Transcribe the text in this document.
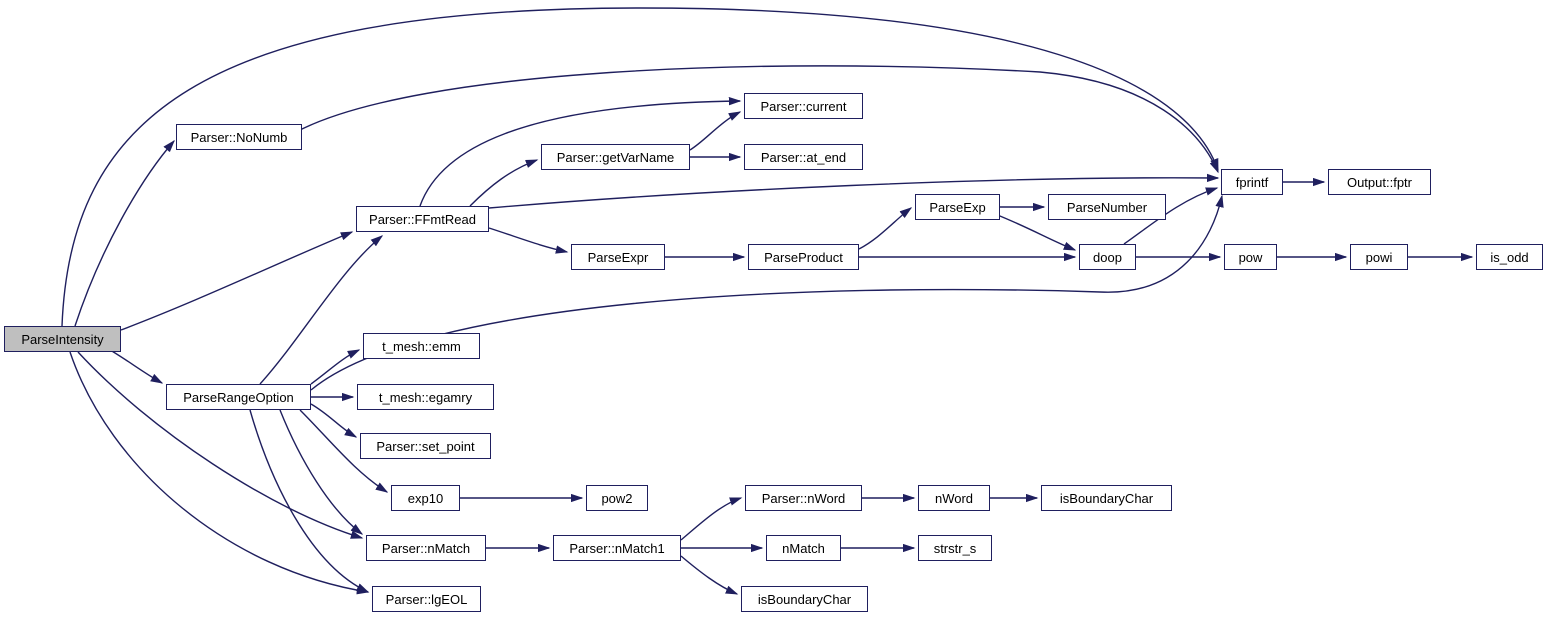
ParseIntensity
Parser::NoNumb
Parser::FFmtRead
Parser::getVarName
Parser::current
Parser::at_end
ParseExpr	ParseProduct
ParseExp	ParseNumber
doop
fprintf	Output::fptr
pow	powi	is_odd
ParseRangeOption
t_mesh::emm
t_mesh::egamry
Parser::set_point
exp10	pow2
Parser::nMatch	Parser::nMatch1
Parser::nWord	nWord	isBoundaryChar
nMatch	strstr_s
isBoundaryChar
Parser::lgEOL
